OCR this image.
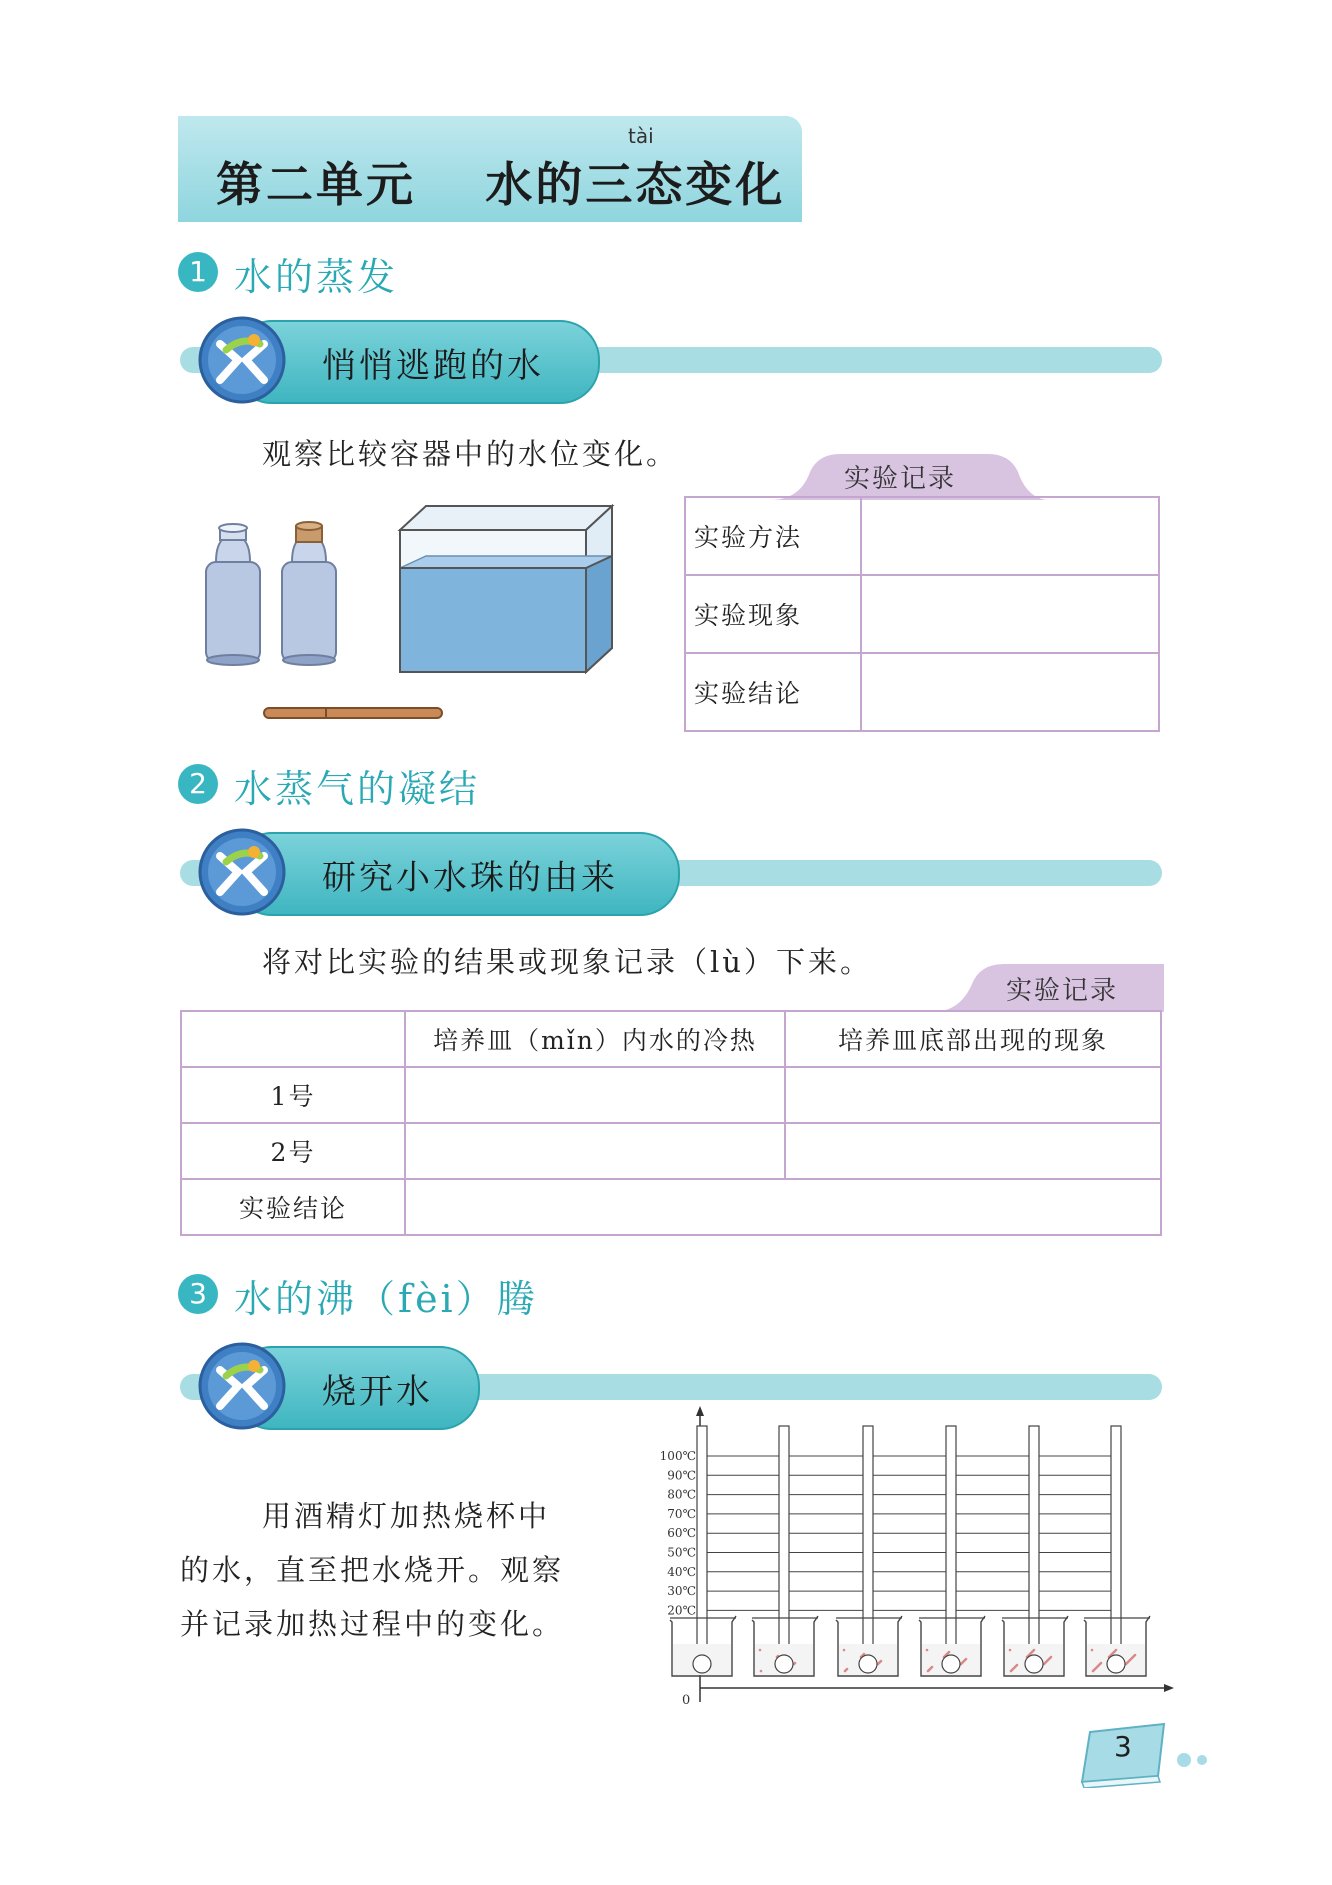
tài
第二单元　 水的三态变化
1 水的蒸发
悄悄逃跑的水
观察比较容器中的水位变化。
实验记录
实验方法	
实验现象	
实验结论	
2 水蒸气的凝结
研究小水珠的由来
将对比实验的结果或现象记录（lù）下来。
实验记录
	培养皿（mǐn）内水的冷热	培养皿底部出现的现象
1号		
2号		
实验结论		
3 水的沸（fèi）腾
烧开水
用酒精灯加热烧杯中
的水，直至把水烧开。观察
并记录加热过程中的变化。
100℃
90℃
80℃
70℃
60℃
50℃
40℃
30℃
20℃
0
3
